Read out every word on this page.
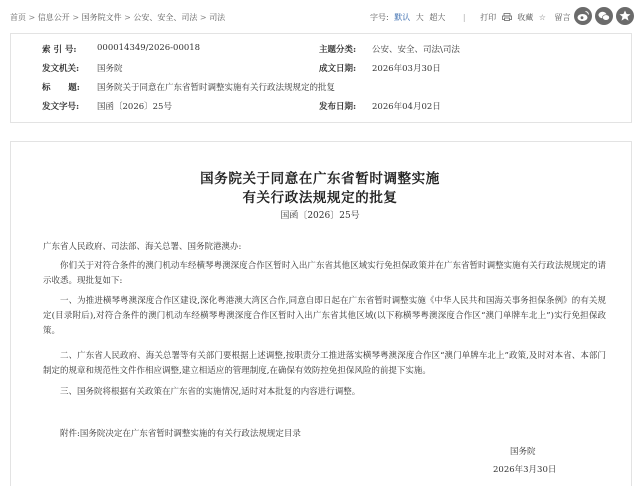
首页 > 信息公开 > 国务院文件 > 公安、安全、司法 > 司法	字号: 默认 大 超大 | 打印	收藏 ☆ 留言
索 引 号: 000014349/2026-00018	主题分类: 公安、安全、司法\司法
发文机关: 国务院	成文日期: 2026年03月30日
标      题: 国务院关于同意在广东省暂时调整实施有关行政法规规定的批复
发文字号: 国函〔2026〕25号	发布日期: 2026年04月02日
国务院关于同意在广东省暂时调整实施
有关行政法规规定的批复
国函〔2026〕25号
广东省人民政府、司法部、海关总署、国务院港澳办:
你们关于对符合条件的澳门机动车经横琴粤澳深度合作区暂时入出广东省其他区域实行免担保政策并在广东省暂时调整实施有关行政法规规定的请示收悉。现批复如下:
一、为推进横琴粤澳深度合作区建设,深化粤港澳大湾区合作,同意自即日起在广东省暂时调整实施《中华人民共和国海关事务担保条例》的有关规定(目录附后),对符合条件的澳门机动车经横琴粤澳深度合作区暂时入出广东省其他区域(以下称横琴粤澳深度合作区“澳门单牌车北上”)实行免担保政策。
二、广东省人民政府、海关总署等有关部门要根据上述调整,按职责分工推进落实横琴粤澳深度合作区“澳门单牌车北上”政策,及时对本省、本部门制定的规章和规范性文件作相应调整,建立相适应的管理制度,在确保有效防控免担保风险的前提下实施。
三、国务院将根据有关政策在广东省的实施情况,适时对本批复的内容进行调整。
附件:国务院决定在广东省暂时调整实施的有关行政法规规定目录
国务院
2026年3月30日
